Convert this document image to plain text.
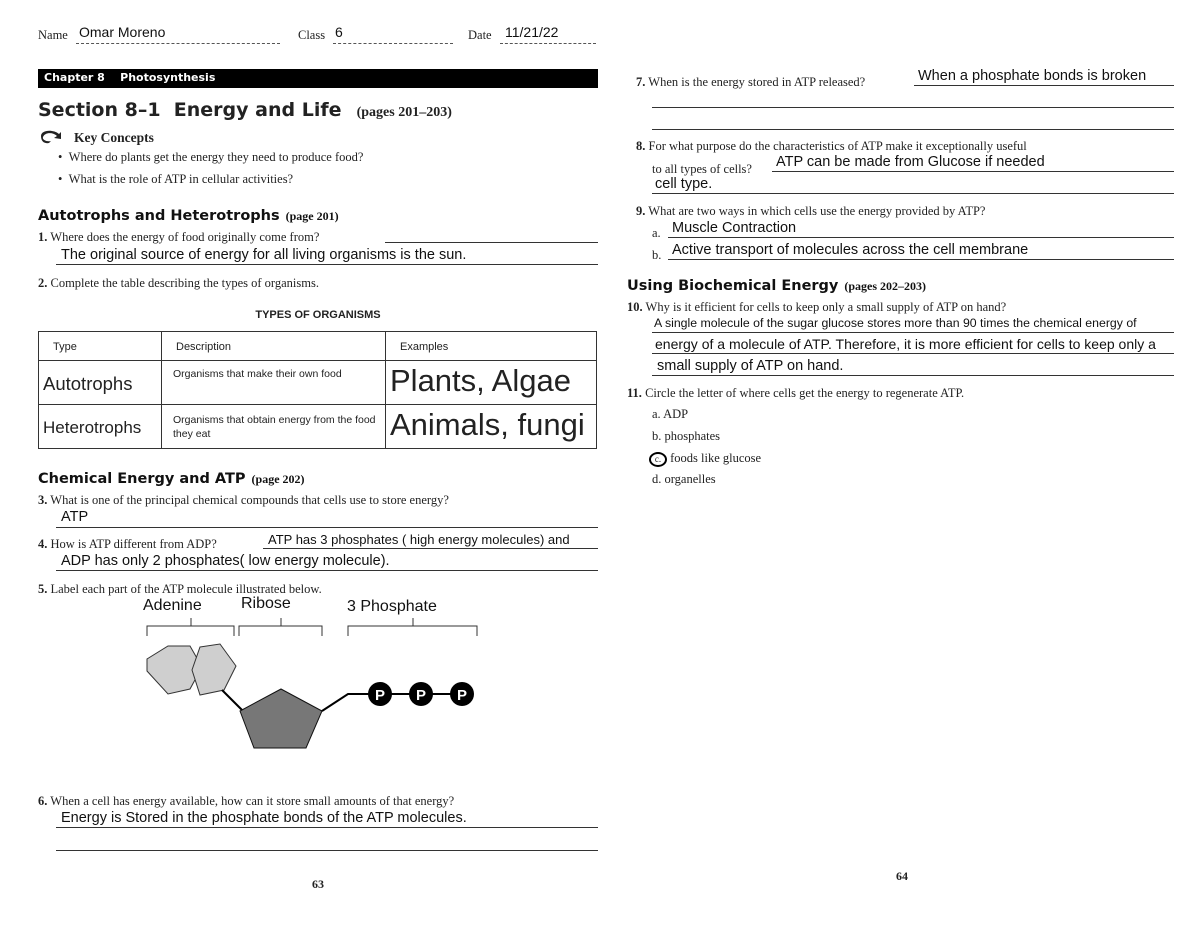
Name Omar Moreno	Class 6	Date 11/21/22
Chapter 8    Photosynthesis
Section 8–1  Energy and Life (pages 201–203)
Key Concepts
•  Where do plants get the energy they need to produce food?
•  What is the role of ATP in cellular activities?
Autotrophs and Heterotrophs (page 201)
1. Where does the energy of food originally come from?
The original source of energy for all living organisms is the sun.
2. Complete the table describing the types of organisms.
TYPES OF ORGANISMS
Type	Description	Examples
Autotrophs	Organisms that make their own food	Plants, Algae
Heterotrophs	Organisms that obtain energy from the food they eat	Animals, fungi
Chemical Energy and ATP (page 202)
3. What is one of the principal chemical compounds that cells use to store energy?
ATP
4. How is ATP different from ADP?	ATP has 3 phosphates ( high energy molecules) and
ADP has only 2 phosphates( low energy molecule).
5. Label each part of the ATP molecule illustrated below.
Adenine Ribose	3 Phosphate
P P P
6. When a cell has energy available, how can it store small amounts of that energy?
Energy is Stored in the phosphate bonds of the ATP molecules.
63
7. When is the energy stored in ATP released?	When a phosphate bonds is broken
8. For what purpose do the characteristics of ATP make it exceptionally useful
to all types of cells? ATP can be made from Glucose if needed
cell type.
9. What are two ways in which cells use the energy provided by ATP?
a. Muscle Contraction
b. Active transport of molecules across the cell membrane
Using Biochemical Energy (pages 202–203)
10. Why is it efficient for cells to keep only a small supply of ATP on hand?
A single molecule of the sugar glucose stores more than 90 times the chemical energy of
energy of a molecule of ATP. Therefore, it is more efficient for cells to keep only a
small supply of ATP on hand.
11. Circle the letter of where cells get the energy to regenerate ATP.
a. ADP
b. phosphates
c. foods like glucose
d. organelles
64
